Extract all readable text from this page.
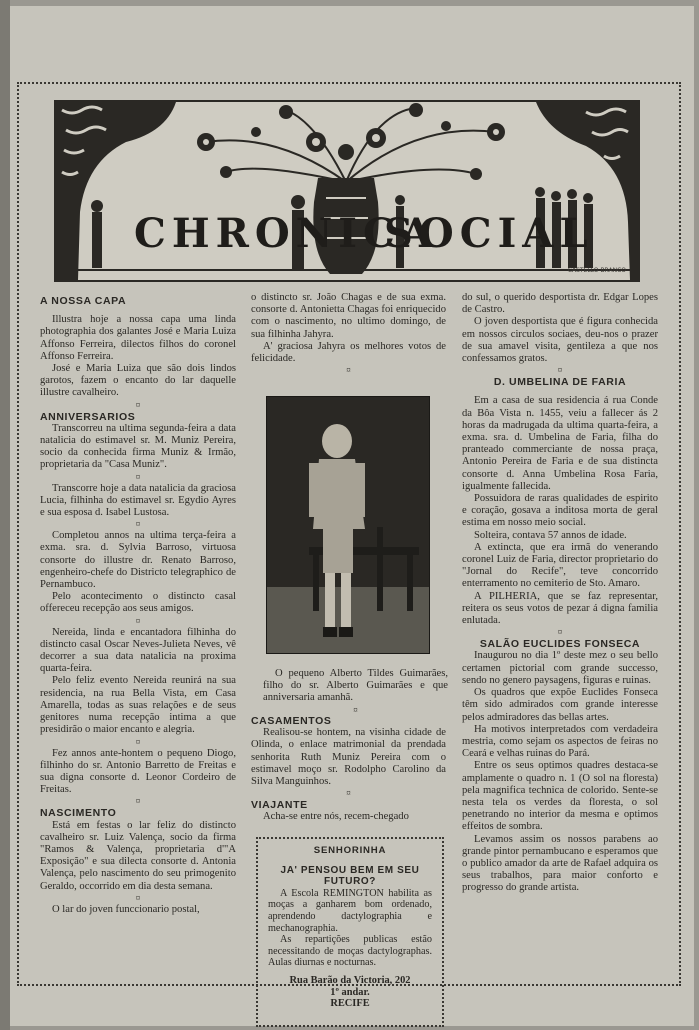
CHRONICA
SOCIAL
CASTELLO BRANCO
A NOSSA CAPA

Illustra hoje a nossa capa uma linda photographia dos galantes José e Maria Luiza Affonso Ferreira, dilectos filhos do coronel Affonso Ferreira.

José e Maria Luiza que são dois lindos garotos, fazem o encanto do lar daquelle illustre cavalheiro.

¤
ANNIVERSARIOS

Transcorreu na ultima segunda-feira a data natalicia do estimavel sr. M. Muniz Pereira, socio da conhecida firma Muniz & Irmão, proprietaria da "Casa Muniz".

¤

Transcorre hoje a data natalicia da graciosa Lucia, filhinha do estimavel sr. Egydio Ayres e sua esposa d. Isabel Lustosa.

¤

Completou annos na ultima terça-feira a exma. sra. d. Sylvia Barroso, virtuosa consorte do illustre dr. Renato Barroso, engenheiro-chefe do Districto telegraphico de Pernambuco.

Pelo acontecimento o distincto casal offereceu recepção aos seus amigos.

¤

Nereida, linda e encantadora filhinha do distincto casal Oscar Neves-Julieta Neves, vê decorrer a sua data natalicia na proxima quarta-feira.

Pelo feliz evento Nereida reunirá na sua residencia, na rua Bella Vista, em Casa Amarella, todas as suas relações e de seus genitores numa recepção intima a que presidirão o maior encanto e alegria.

¤

Fez annos ante-hontem o pequeno Diogo, filhinho do sr. Antonio Barretto de Freitas e sua digna consorte d. Leonor Cordeiro de Freitas.

¤
NASCIMENTO

Está em festas o lar feliz do distincto cavalheiro sr. Luiz Valença, socio da firma "Ramos & Valença, proprietaria d'"A Exposição" e sua dilecta consorte d. Antonia Valença, pelo nascimento do seu primogenito Geraldo, occorrido em dia desta semana.

¤

O lar do joven funccionario postal,

o distincto sr. João Chagas e de sua exma. consorte d. Antonietta Chagas foi enriquecido com o nascimento, no ultimo domingo, de sua filhinha Jahyra.

A' graciosa Jahyra os melhores votos de felicidade.

¤

O pequeno Alberto Tildes Guimarães, filho do sr. Alberto Guimarães e que anniversaria amanhã.

¤
CASAMENTOS

Realisou-se hontem, na visinha cidade de Olinda, o enlace matrimonial da prendada senhorita Ruth Muniz Pereira com o estimavel moço sr. Rodolpho Carolino da Silva Manguinhos.

¤
VIAJANTE

Acha-se entre nós, recem-chegado

SENHORINHA
JA' PENSOU BEM EM SEU FUTURO?

A Escola REMINGTON habilita as moças a ganharem bom ordenado, aprendendo dactylographia e mechanographia.

As repartições publicas estão necessitando de moças dactylographas. Aulas diurnas e nocturnas.

Rua Barão da Victoria, 202
1º andar.
RECIFE

do sul, o querido desportista dr. Edgar Lopes de Castro.

O joven desportista que é figura conhecida em nossos circulos sociaes, deu-nos o prazer de sua amavel visita, gentileza a que nos confessamos gratos.

¤
D. UMBELINA DE FARIA

Em a casa de sua residencia á rua Conde da Bôa Vista n. 1455, veiu a fallecer ás 2 horas da madrugada da ultima quarta-feira, a exma. sra. d. Umbelina de Faria, filha do pranteado commerciante de nossa praça, Antonio Pereira de Faria e de sua distincta consorte d. Anna Umbelina Rosa Faria, igualmente fallecida.

Possuidora de raras qualidades de espirito e coração, gosava a inditosa morta de geral estima em nosso meio social.

Solteira, contava 57 annos de idade.

A extincta, que era irmã do venerando coronel Luiz de Faria, director proprietario do "Jornal do Recife", teve concorrido enterramento no cemiterio de Sto. Amaro.

A PILHERIA, que se faz representar, reitera os seus votos de pezar á digna familia enlutada.

¤
SALÃO EUCLIDES FONSECA

Inaugurou no dia 1º deste mez o seu bello certamen pictorial com grande successo, sendo no genero paysagens, figuras e ruinas.

Os quadros que expõe Euclides Fonseca têm sido admirados com grande interesse pelos admiradores das bellas artes.

Ha motivos interpretados com verdadeira mestria, como sejam os aspectos de feiras no Ceará e velhas ruinas do Pará.

Entre os seus optimos quadres destaca-se amplamente o quadro n. 1 (O sol na floresta) pela magnifica technica de colorido. Sente-se nesta tela os verdes da floresta, o sol penetrando no interior da mesma e optimos effeitos de sombra.

Levamos assim os nossos parabens ao grande pintor pernambucano e esperamos que o publico amador da arte de Rafael adquira os seus trabalhos, para maior conforto e progresso do grande artista.
